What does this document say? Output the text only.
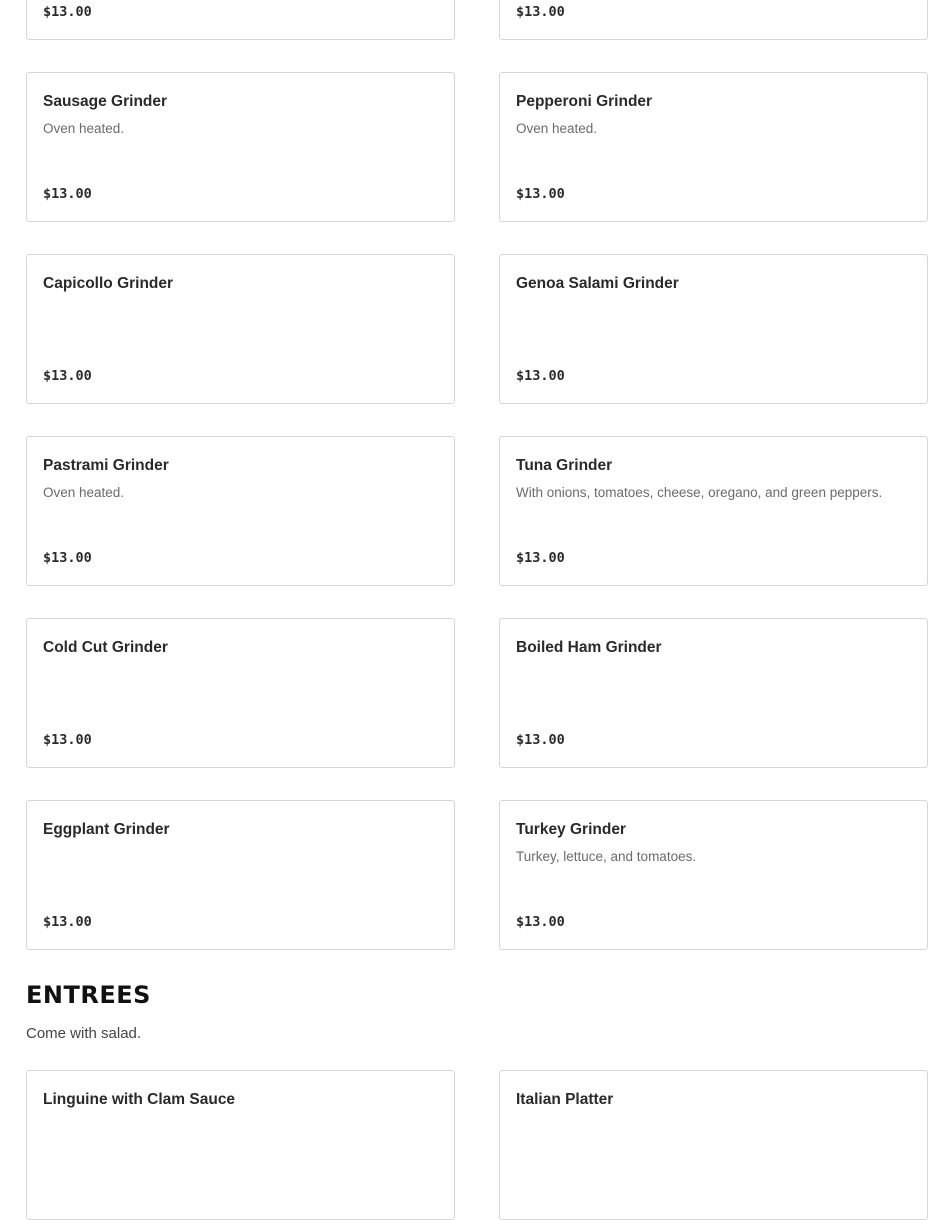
$13.00	$13.00
Sausage Grinder
Oven heated.
$13.00
Pepperoni Grinder
Oven heated.
$13.00
Capicollo Grinder
$13.00
Genoa Salami Grinder
$13.00
Pastrami Grinder
Oven heated.
$13.00
Tuna Grinder
With onions, tomatoes, cheese, oregano, and green peppers.
$13.00
Cold Cut Grinder
$13.00
Boiled Ham Grinder
$13.00
Eggplant Grinder
$13.00
Turkey Grinder
Turkey, lettuce, and tomatoes.
$13.00
ENTREES

Come with salad.

Linguine with Clam Sauce	Italian Platter
